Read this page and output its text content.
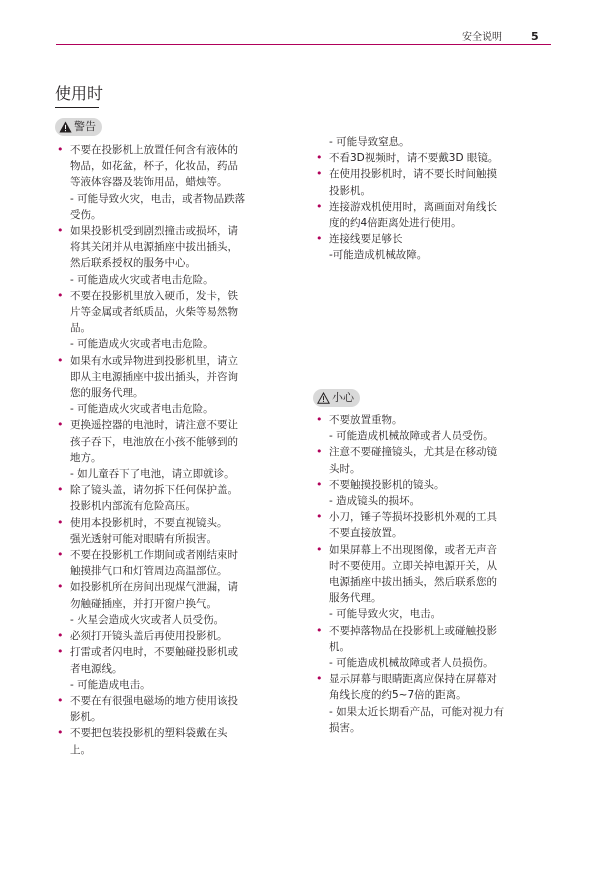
安全说明	5
使用时
警告
• 不要在投影机上放置任何含有液体的
物品，如花盆，杯子，化妆品，药品
等液体容器及装饰用品，蜡烛等。
- 可能导致火灾，电击，或者物品跌落
受伤。
• 如果投影机受到剧烈撞击或损坏，请
将其关闭并从电源插座中拔出插头，
然后联系授权的服务中心。
- 可能造成火灾或者电击危险。
• 不要在投影机里放入硬币，发卡，铁
片等金属或者纸质品，火柴等易然物
品。
- 可能造成火灾或者电击危险。
• 如果有水或异物进到投影机里，请立
即从主电源插座中拔出插头，并咨询
您的服务代理。
- 可能造成火灾或者电击危险。
• 更换遥控器的电池时，请注意不要让
孩子吞下，电池放在小孩不能够到的
地方。
- 如儿童吞下了电池，请立即就诊。
• 除了镜头盖，请勿拆下任何保护盖。
投影机内部流有危险高压。
• 使用本投影机时，不要直视镜头。
强光透射可能对眼睛有所损害。
• 不要在投影机工作期间或者刚结束时
触摸排气口和灯管周边高温部位。
• 如投影机所在房间出现煤气泄漏，请
勿触碰插座，并打开窗户换气。
- 火星会造成火灾或者人员受伤。
• 必须打开镜头盖后再使用投影机。
• 打雷或者闪电时，不要触碰投影机或
者电源线。
- 可能造成电击。
• 不要在有很强电磁场的地方使用该投
影机。
• 不要把包装投影机的塑料袋戴在头
上。
- 可能导致窒息。
• 不看3D视频时，请不要戴3D 眼镜。
• 在使用投影机时，请不要长时间触摸
投影机。
• 连接游戏机使用时，离画面对角线长
度的约4倍距离处进行使用。
• 连接线要足够长
-可能造成机械故障。
小心
• 不要放置重物。
- 可能造成机械故障或者人员受伤。
• 注意不要碰撞镜头，尤其是在移动镜
头时。
• 不要触摸投影机的镜头。
- 造成镜头的损坏。
• 小刀，锤子等损坏投影机外观的工具
不要直接放置。
• 如果屏幕上不出现图像，或者无声音
时不要使用。立即关掉电源开关，从
电源插座中拔出插头，然后联系您的
服务代理。
- 可能导致火灾，电击。
• 不要掉落物品在投影机上或碰触投影
机。
- 可能造成机械故障或者人员损伤。
• 显示屏幕与眼睛距离应保持在屏幕对
角线长度的约5~7倍的距离。
- 如果太近长期看产品，可能对视力有
损害。
